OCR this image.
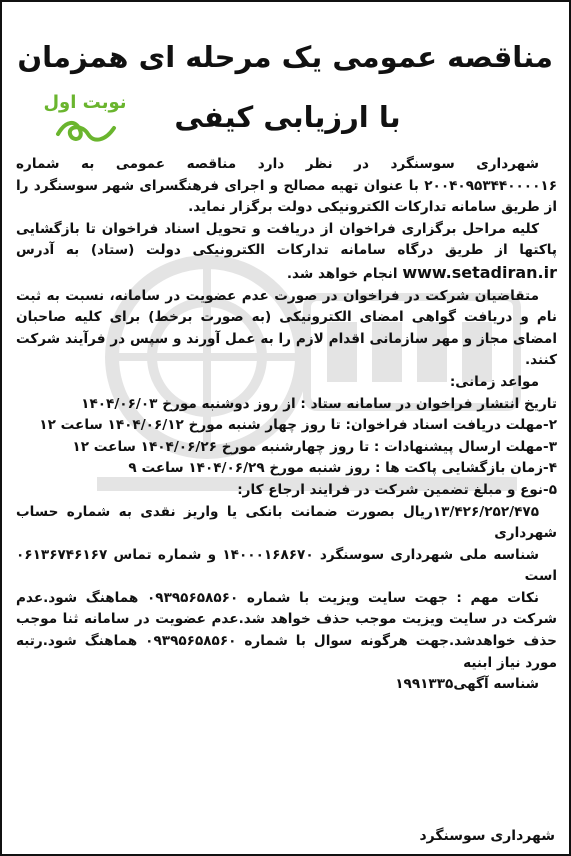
مناقصه عمومی یک مرحله ای همزمان
با ارزیابی کیفی
نوبت اول

شهرداری سوسنگرد در نظر دارد مناقصه عمومی به شماره ۲۰۰۴۰۹۵۳۴۴۰۰۰۰۱۶ با عنوان تهیه مصالح و اجرای فرهنگسرای شهر سوسنگرد را از طریق سامانه تدارکات الکترونیکی دولت برگزار نماید.

کلیه مراحل برگزاری فراخوان از دریافت و تحویل اسناد فراخوان تا بازگشایی پاکتها از طریق درگاه سامانه تدارکات الکترونیکی دولت (ستاد) به آدرس www.setadiran.ir انجام خواهد شد.

متقاضیان شرکت در فراخوان در صورت عدم عضویت در سامانه، نسبت به ثبت نام و دریافت گواهی امضای الکترونیکی (به صورت برخط) برای کلیه صاحبان امضای مجاز و مهر سازمانی اقدام لازم را به عمل آورند و سپس در فرآیند شرکت کنند.

مواعد زمانی:

تاریخ انتشار فراخوان در سامانه ستاد : از روز دوشنبه مورخ ۱۴۰۴/۰۶/۰۳

۲-مهلت دریافت اسناد فراخوان: تا روز چهار شنبه مورخ ۱۴۰۴/۰۶/۱۲ ساعت ۱۲

۳-مهلت ارسال پیشنهادات : تا روز چهارشنبه مورخ ۱۴۰۴/۰۶/۲۶ ساعت ۱۲

۴-زمان بازگشایی پاکت ها : روز شنبه مورخ ۱۴۰۴/۰۶/۲۹ ساعت ۹

۵-نوع و مبلغ تضمین شرکت در فرایند ارجاع کار:

۱۳/۴۲۶/۲۵۲/۴۷۵ریال بصورت ضمانت بانکی یا واریز نقدی به شماره حساب شهرداری

شناسه ملی شهرداری سوسنگرد ۱۴۰۰۰۱۶۸۶۷۰ و شماره تماس ۰۶۱۳۶۷۴۶۱۶۷ است

نکات مهم : جهت سایت ویزیت با شماره ۰۹۳۹۵۶۵۸۵۶۰ هماهنگ شود.عدم شرکت در سایت ویزیت موجب حذف خواهد شد.عدم عضویت در سامانه ثنا موجب حذف خواهدشد.جهت هرگونه سوال با شماره ۰۹۳۹۵۶۵۸۵۶۰ هماهنگ شود.رتبه مورد نیاز ابنیه

شناسه آگهی۱۹۹۱۳۳۵

شهرداری سوسنگرد
